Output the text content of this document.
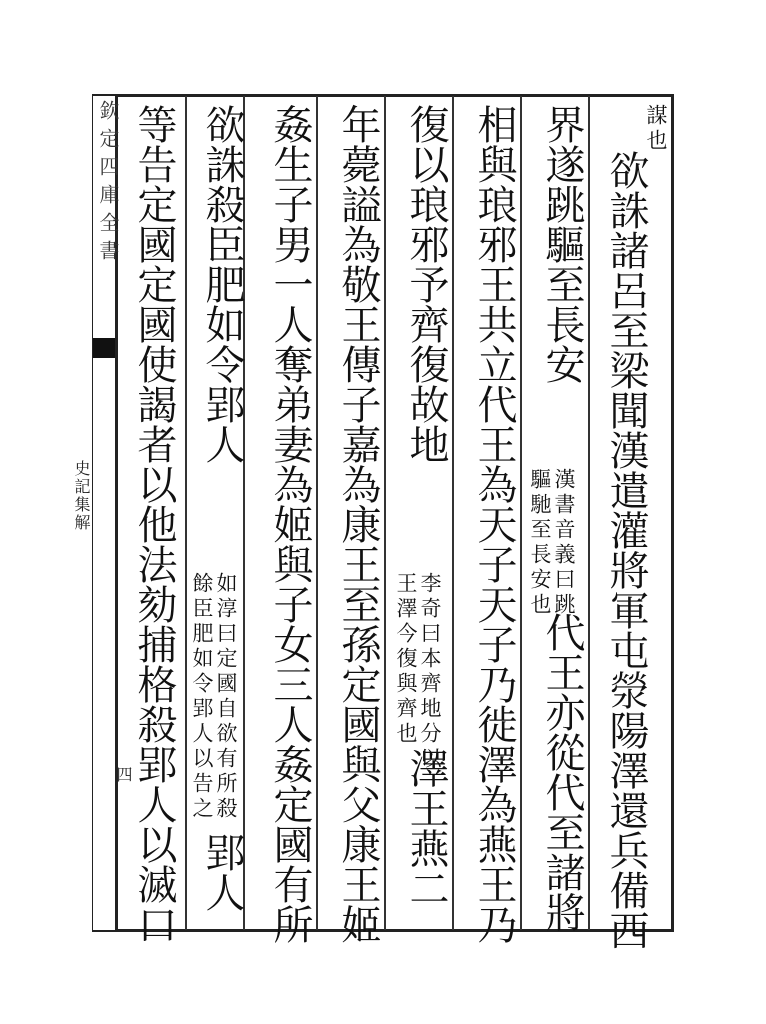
欽定四庫全書
史記集解
四
謀也
欲誅諸呂至梁聞漢遣灌將軍屯滎陽澤還兵備西
界遂跳驅至長安
漢書音義曰跳
驅馳至長安也
代王亦從代至諸將
相與琅邪王共立代王為天子天子乃徙澤為燕王乃
復以琅邪予齊復故地
李奇曰本齊地分以
王澤今復與齊也
澤王燕二
年薨謚為敬王傳子嘉為康王至孫定國與父康王姬
姦生子男一人奪弟妻為姬與子女三人姦定國有所
欲誅殺臣肥如令郢人
如淳曰定國自欲有所殺
餘臣肥如令郢人以告之
郢人
等告定國定國使謁者以他法劾捕格殺郢人以滅口
